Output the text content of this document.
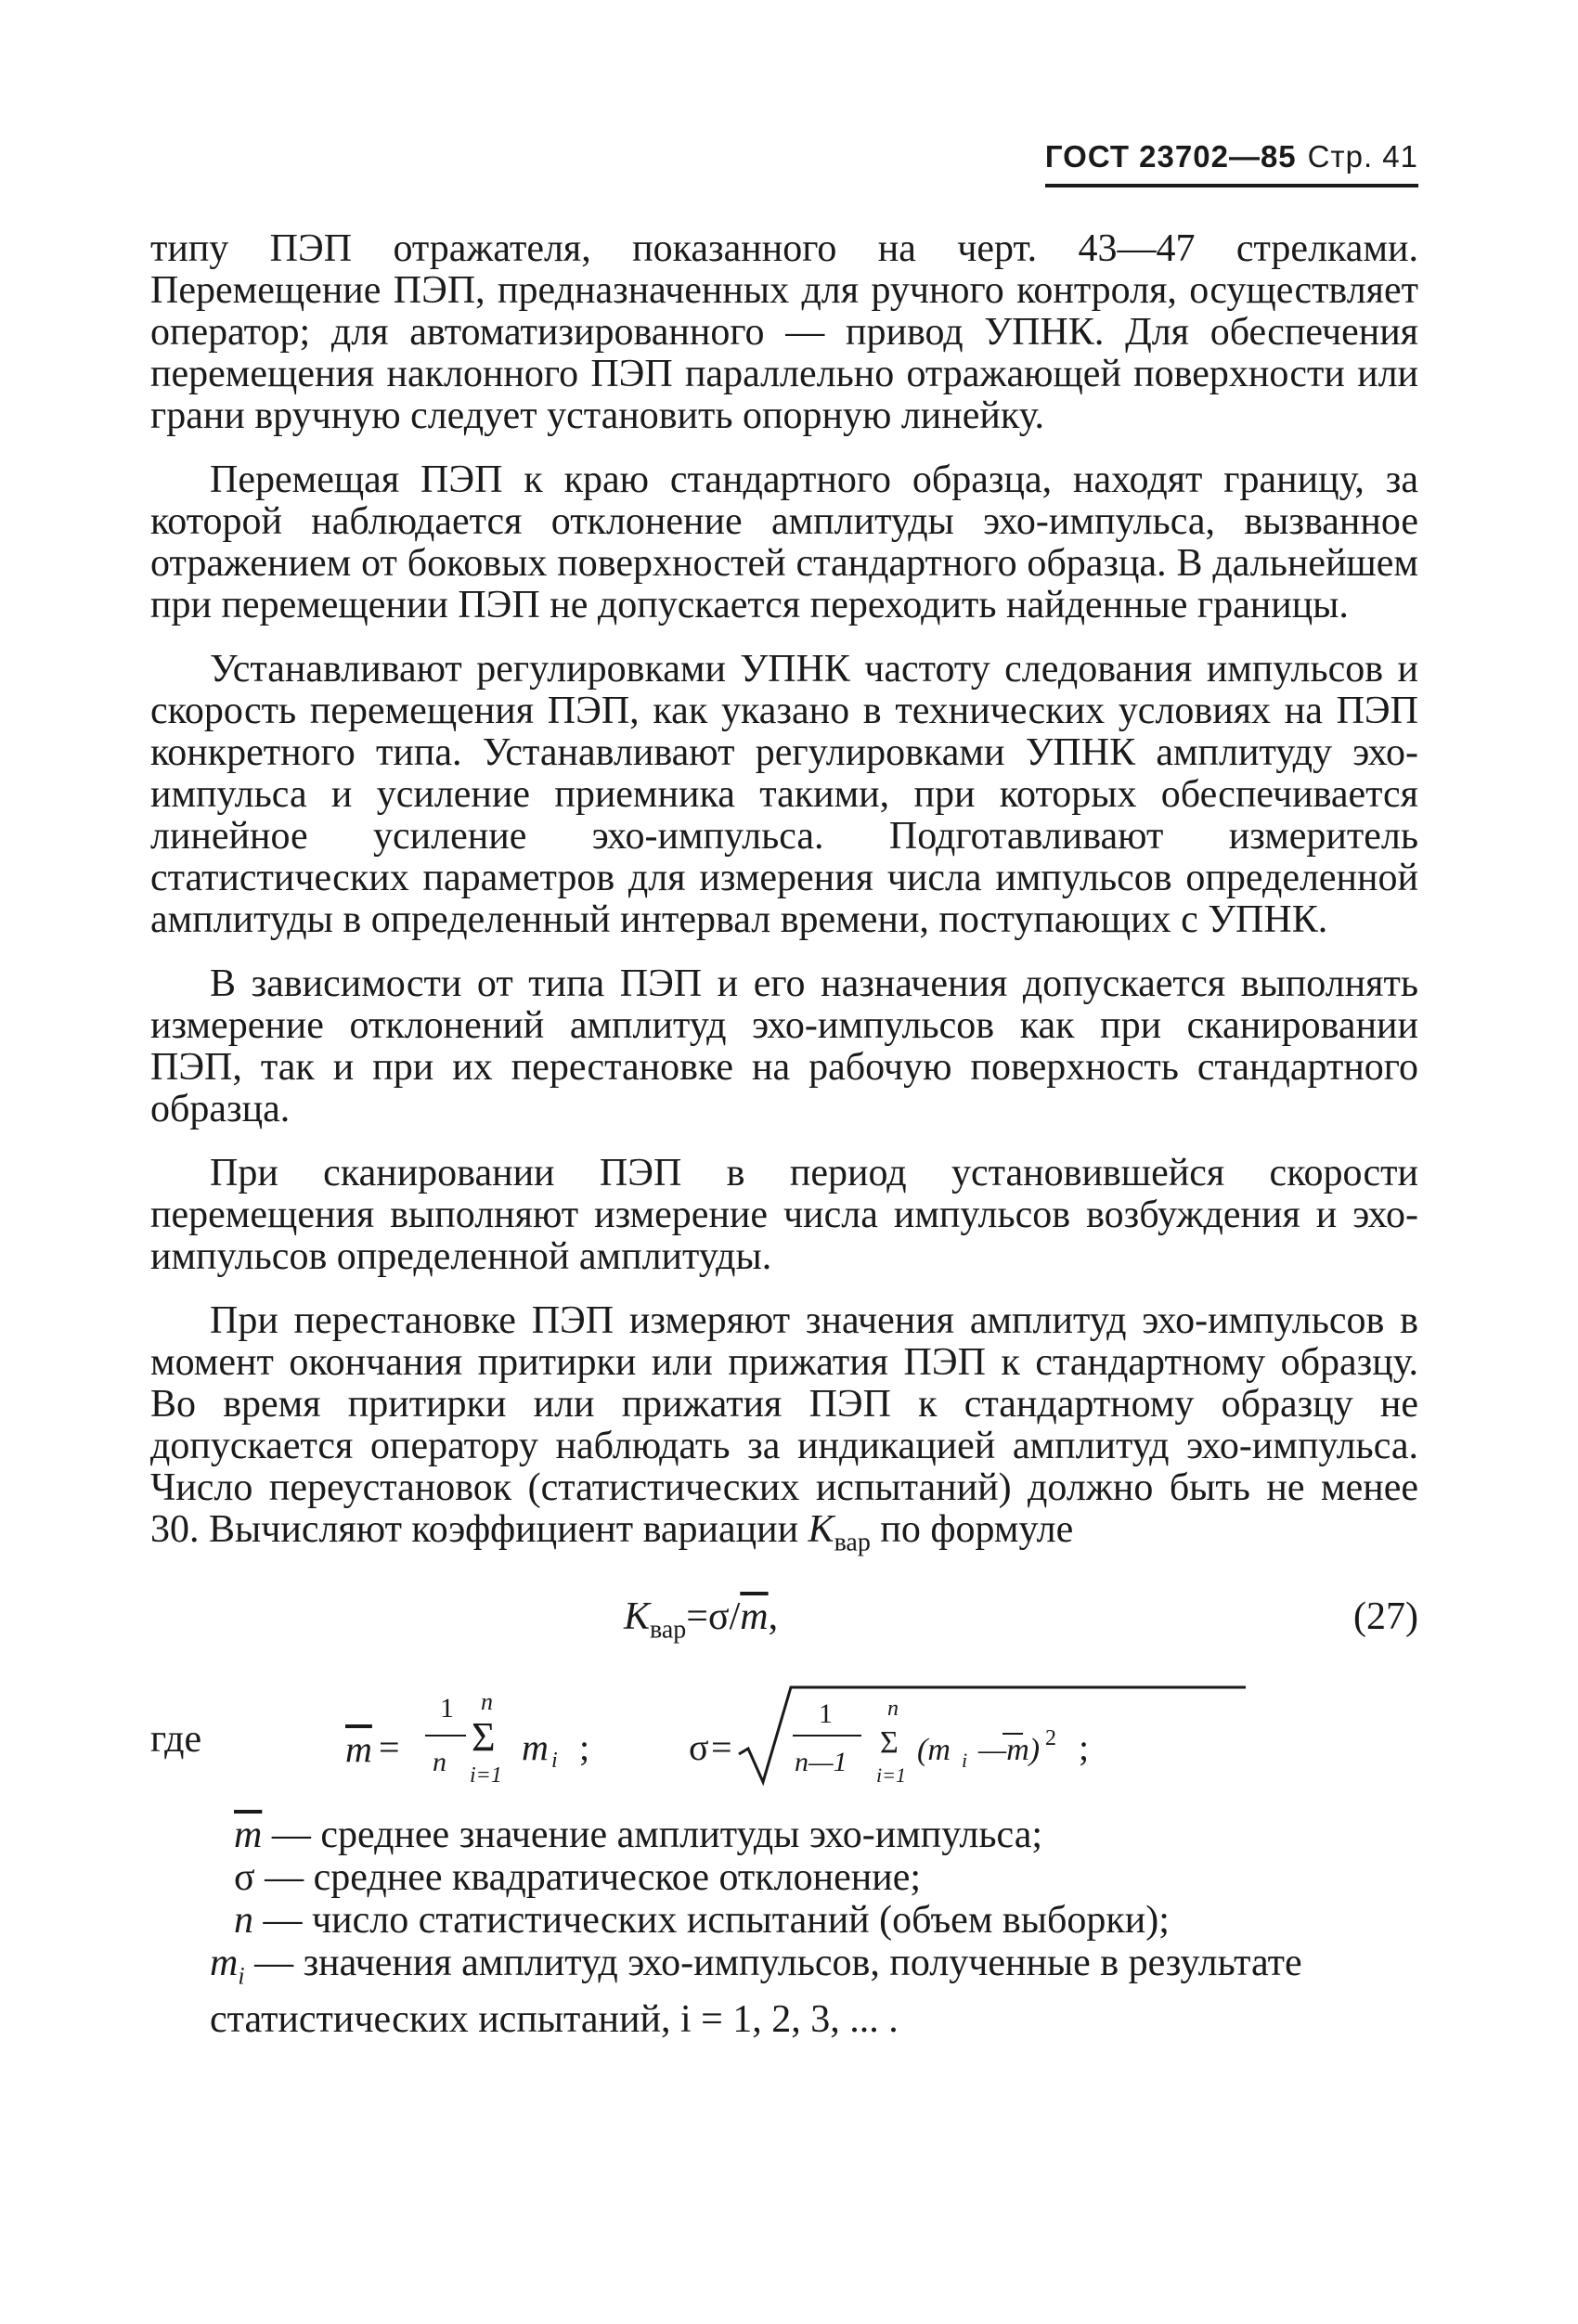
ГОСТ 23702—85 Стр. 41

типу ПЭП отражателя, показанного на черт. 43—47 стрелками. Перемещение ПЭП, предназначенных для ручного контроля, осуществляет оператор; для автоматизированного — привод УПНК. Для обеспечения перемещения наклонного ПЭП параллельно отражающей поверхности или грани вручную следует установить опорную линейку.

Перемещая ПЭП к краю стандартного образца, находят границу, за которой наблюдается отклонение амплитуды эхо-импульса, вызванное отражением от боковых поверхностей стандартного образца. В дальнейшем при перемещении ПЭП не допускается переходить найденные границы.

Устанавливают регулировками УПНК частоту следования импульсов и скорость перемещения ПЭП, как указано в технических условиях на ПЭП конкретного типа. Устанавливают регулировками УПНК амплитуду эхо-импульса и усиление приемника такими, при которых обеспечивается линейное усиление эхо-импульса. Подготавливают измеритель статистических параметров для измерения числа импульсов определенной амплитуды в определенный интервал времени, поступающих с УПНК.

В зависимости от типа ПЭП и его назначения допускается выполнять измерение отклонений амплитуд эхо-импульсов как при сканировании ПЭП, так и при их перестановке на рабочую поверхность стандартного образца.

При сканировании ПЭП в период установившейся скорости перемещения выполняют измерение числа импульсов возбуждения и эхо-импульсов определенной амплитуды.

При перестановке ПЭП измеряют значения амплитуд эхо-импульсов в момент окончания притирки или прижатия ПЭП к стандартному образцу. Во время притирки или прижатия ПЭП к стандартному образцу не допускается оператору наблюдать за индикацией амплитуд эхо-импульса. Число переустановок (статистических испытаний) должно быть не менее 30. Вычисляют коэффициент вариации $K_{вар}$ по формуле

$K_{вар}=\sigma/\overline{m}$,	(27)
где	m =
1
n
n
Σ
i=1
m i ;	σ =
1
n—1
n
Σ
i=1
(m i —m) 2 ;
$\overline{m}$ — среднее значение амплитуды эхо-импульса;
σ — среднее квадратическое отклонение;
n — число статистических испытаний (объем выборки);
$m_i$ — значения амплитуд эхо-импульсов, полученные в результате статистических испытаний, i = 1, 2, 3, ... .
